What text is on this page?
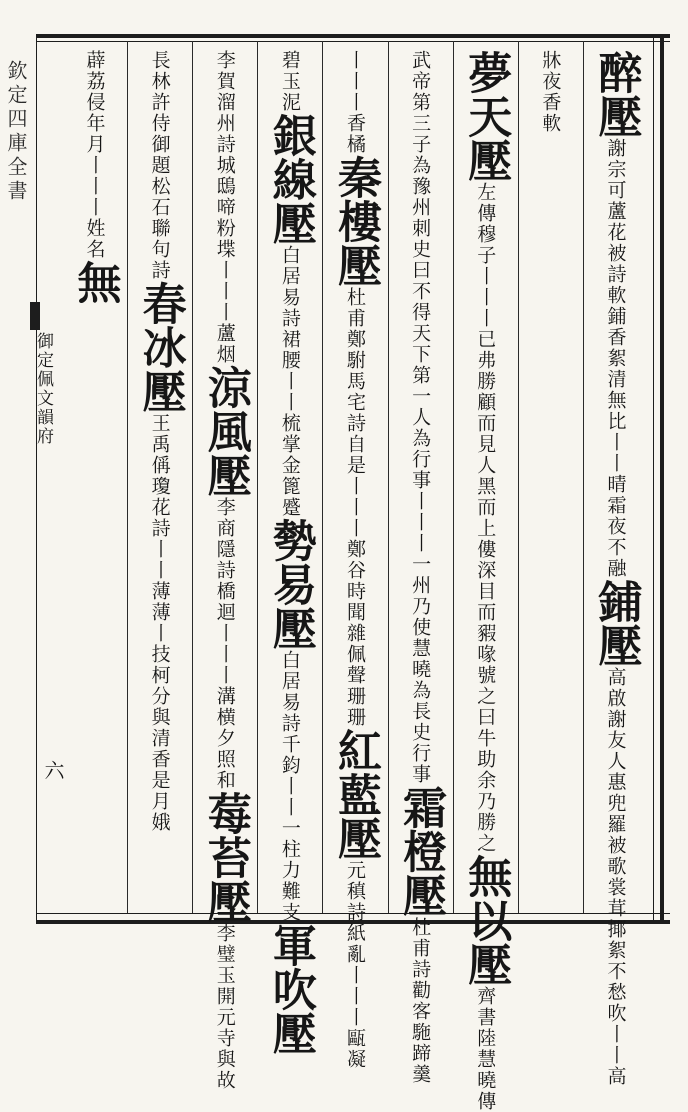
欽定四庫全書
御定佩文韻府
六
醉壓謝宗可蘆花被詩軟鋪香絮清無比丨丨晴霜夜不融鋪壓高啟謝友人惠兜羅被歌裳茸揶絮不愁吹丨丨高
牀夜香軟
夢天壓左傳穆子丨丨丨已弗勝顧而見人黑而上僂深目而豭喙號之曰牛助余乃勝之無以壓齊書陸慧曉傳
武帝第三子為豫州刺史曰不得天下第一人為行事丨丨丨一州乃使慧曉為長史行事霜橙壓杜甫詩勸客駞蹄羹
丨丨丨香橘秦樓壓杜甫鄭駙馬宅詩自是丨丨丨鄭谷時聞雜佩聲珊珊紅藍壓元稹詩紙亂丨丨丨甌凝
碧玉泥銀線壓白居易詩裙腰丨丨梳掌金篦蹙勢易壓白居易詩千鈞丨丨一柱力難支軍吹壓
李賀溜州詩城鴟啼粉堞丨丨丨蘆烟涼風壓李商隱詩橋迴丨丨丨溝横夕照和莓苔壓李璧玉開元寺與故
長林許侍御題松石聯句詩春冰壓王禹偁瓊花詩丨丨薄薄丨技柯分與清香是月娥
薜荔侵年月丨丨丨姓名無
